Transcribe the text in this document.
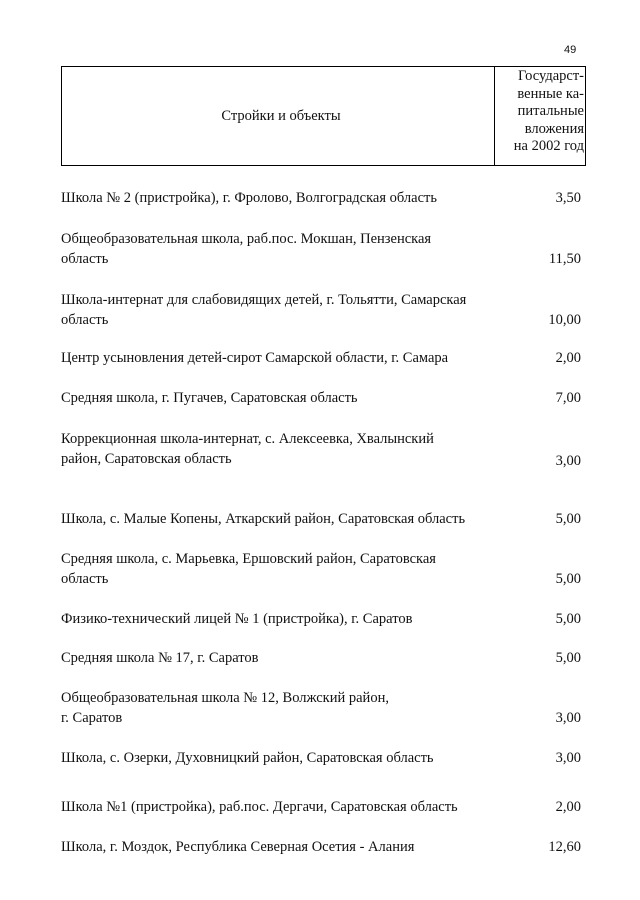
49
Стройки и объекты
Государст-
венные ка-
питальные
вложения
на 2002 год
Школа № 2 (пристройка), г. Фролово, Волгоградская область	3,50
Общеобразовательная школа, раб.пос. Мокшан, Пензенская
область	11,50
Школа-интернат для слабовидящих детей, г. Тольятти, Самарская
область	10,00
Центр усыновления детей-сирот Самарской области, г. Самара	2,00
Средняя школа, г. Пугачев, Саратовская область	7,00
Коррекционная школа-интернат, с. Алексеевка, Хвалынский
район, Саратовская область	3,00
Школа, с. Малые Копены, Аткарский район, Саратовская область	5,00
Средняя школа, с. Марьевка, Ершовский район, Саратовская
область	5,00
Физико-технический лицей № 1 (пристройка), г. Саратов	5,00
Средняя школа № 17, г. Саратов	5,00
Общеобразовательная школа № 12, Волжский район,
г. Саратов	3,00
Школа, с. Озерки, Духовницкий район, Саратовская область	3,00
Школа №1 (пристройка), раб.пос. Дергачи, Саратовская область	2,00
Школа, г. Моздок, Республика Северная Осетия - Алания	12,60
